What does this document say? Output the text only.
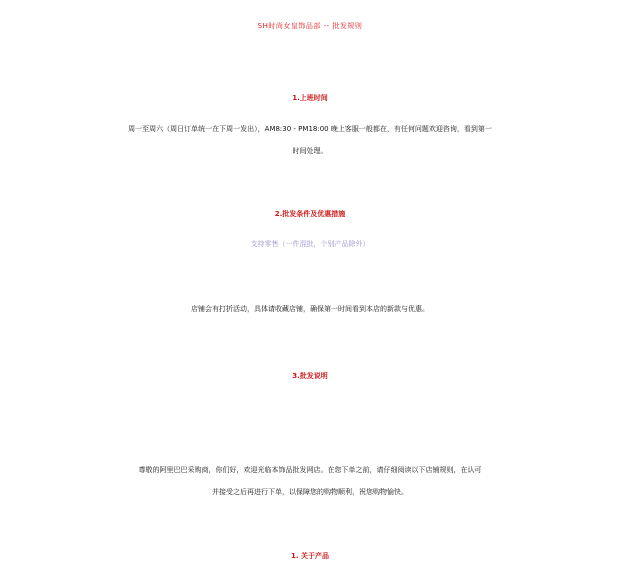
SH时尚女皇饰品部 -- 批发规则
1.上班时间
周一至周六（周日订单统一在下周一发出），AM8:30 - PM18:00 晚上客服一般都在，有任何问题欢迎咨询，看到第一
时间处理。
2.批发条件及优惠措施
支持零售（一件混批，个别产品除外）
店铺会有打折活动，具体请收藏店铺，确保第一时间看到本店的新款与优惠。
3.批发说明
尊敬的阿里巴巴采购商，你们好，欢迎光临本饰品批发网店。在您下单之前，请仔细阅读以下店铺规则，在认可
并接受之后再进行下单，以保障您的购物顺利，祝您购物愉快。
1. 关于产品
